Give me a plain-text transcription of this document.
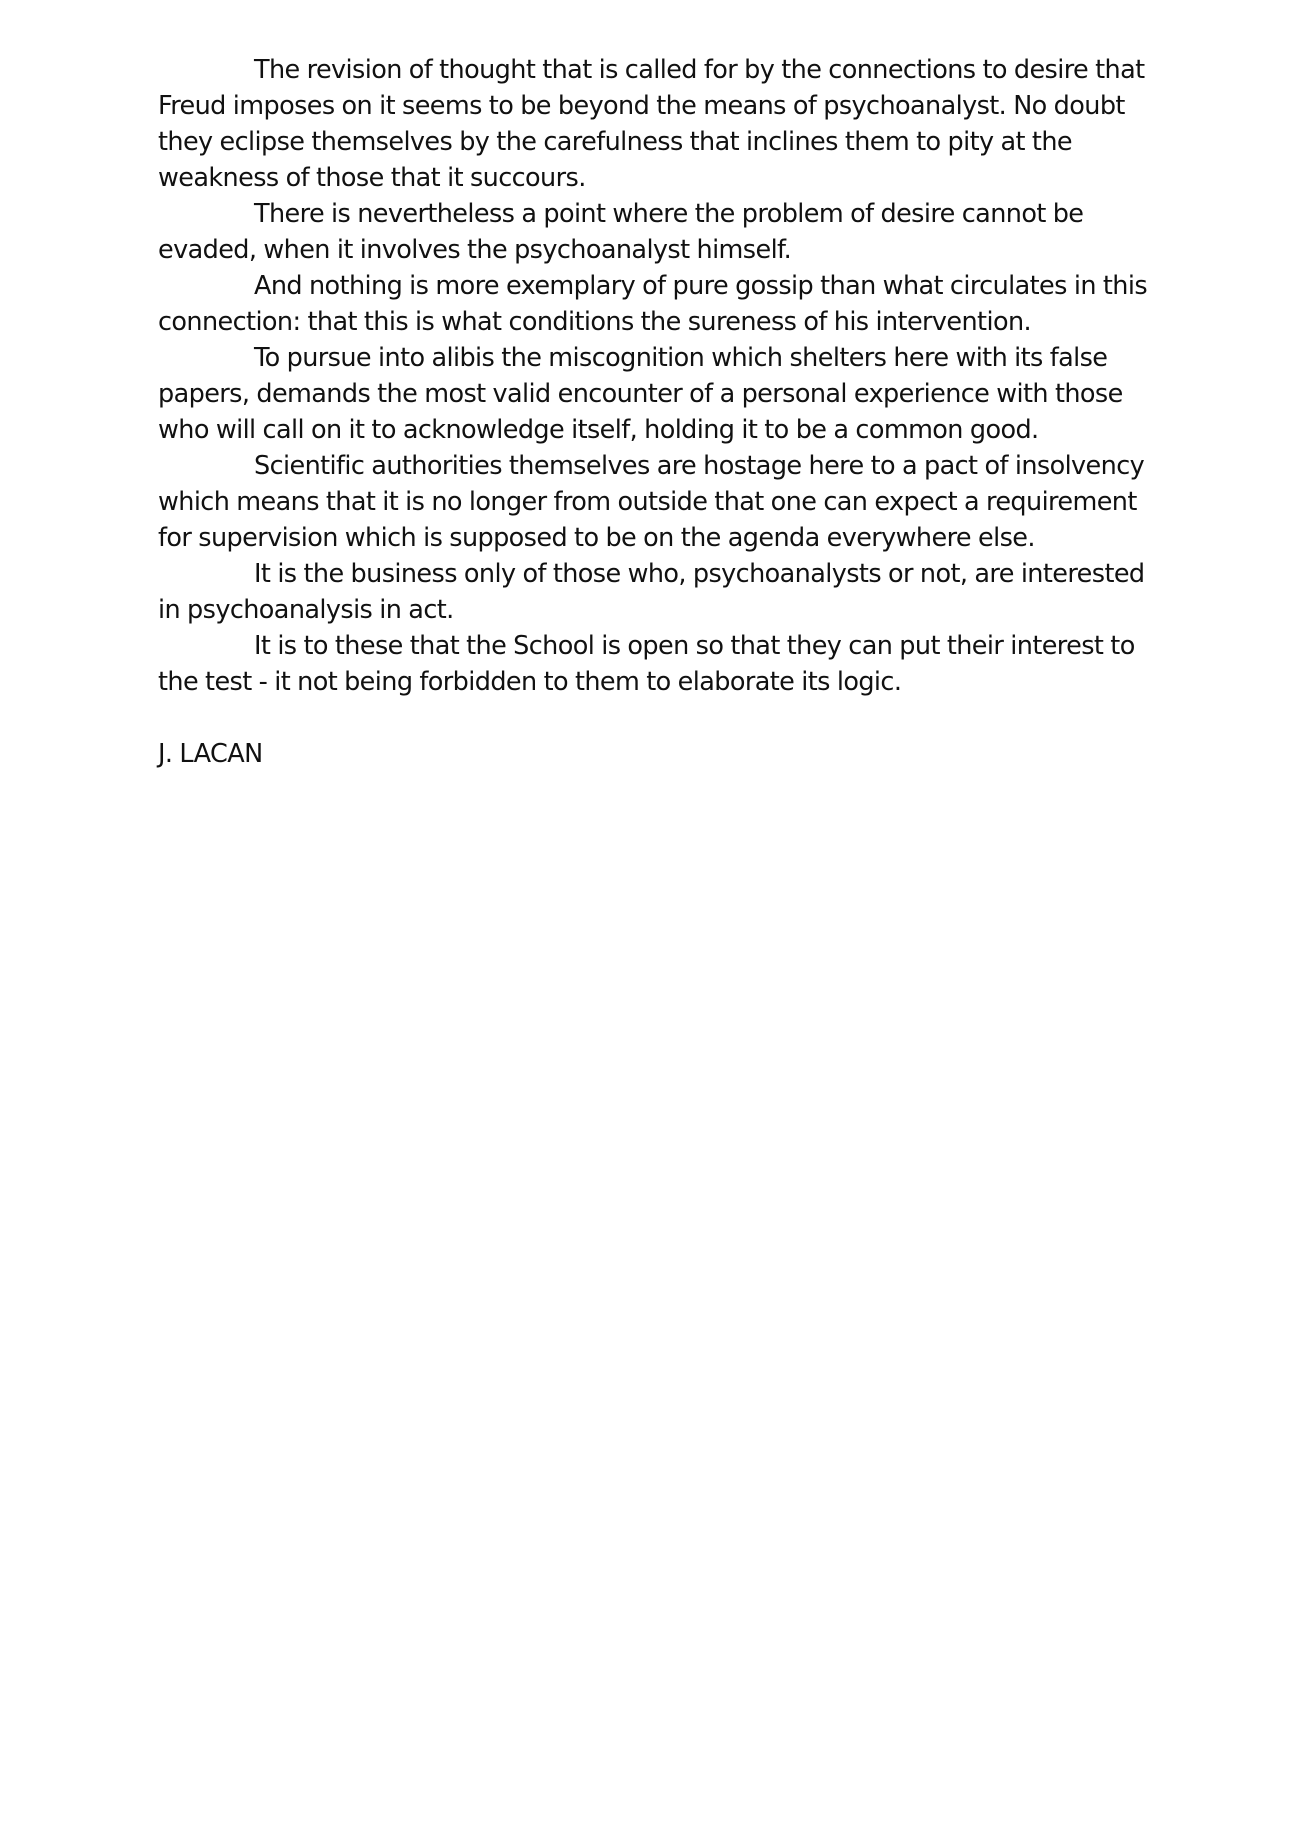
The revision of thought that is called for by the connections to desire that Freud imposes on it seems to be beyond the means of psychoanalyst. No doubt they eclipse themselves by the carefulness that inclines them to pity at the weakness of those that it succours.

There is nevertheless a point where the problem of desire cannot be evaded, when it involves the psychoanalyst himself.

And nothing is more exemplary of pure gossip than what circulates in this connection: that this is what conditions the sureness of his intervention.

To pursue into alibis the miscognition which shelters here with its false papers, demands the most valid encounter of a personal experience with those who will call on it to acknowledge itself, holding it to be a common good.

Scientific authorities themselves are hostage here to a pact of insolvency which means that it is no longer from outside that one can expect a requirement for supervision which is supposed to be on the agenda everywhere else.

It is the business only of those who, psychoanalysts or not, are interested in psychoanalysis in act.

It is to these that the School is open so that they can put their interest to the test - it not being forbidden to them to elaborate its logic.

J. LACAN
